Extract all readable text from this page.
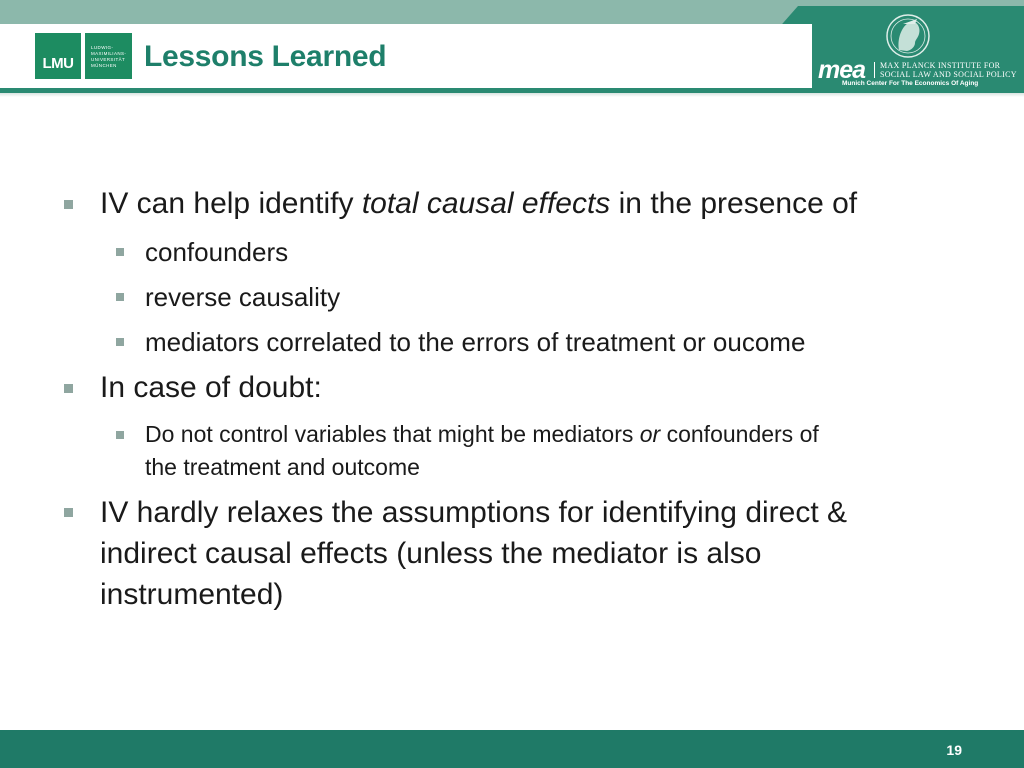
LMU
LUDWIG-
MAXIMILIANS-
UNIVERSITÄT
MÜNCHEN Lessons Learned	mea MAX PLANCK INSTITUTE FOR
SOCIAL LAW AND SOCIAL POLICY
Munich Center For The Economics Of Aging
IV can help identify total causal effects in the presence of
confounders
reverse causality
mediators correlated to the errors of treatment or oucome
In case of doubt:
Do not control variables that might be mediators or confounders of
the treatment and outcome
IV hardly relaxes the assumptions for identifying direct &
indirect causal effects (unless the mediator is also
instrumented)
19
